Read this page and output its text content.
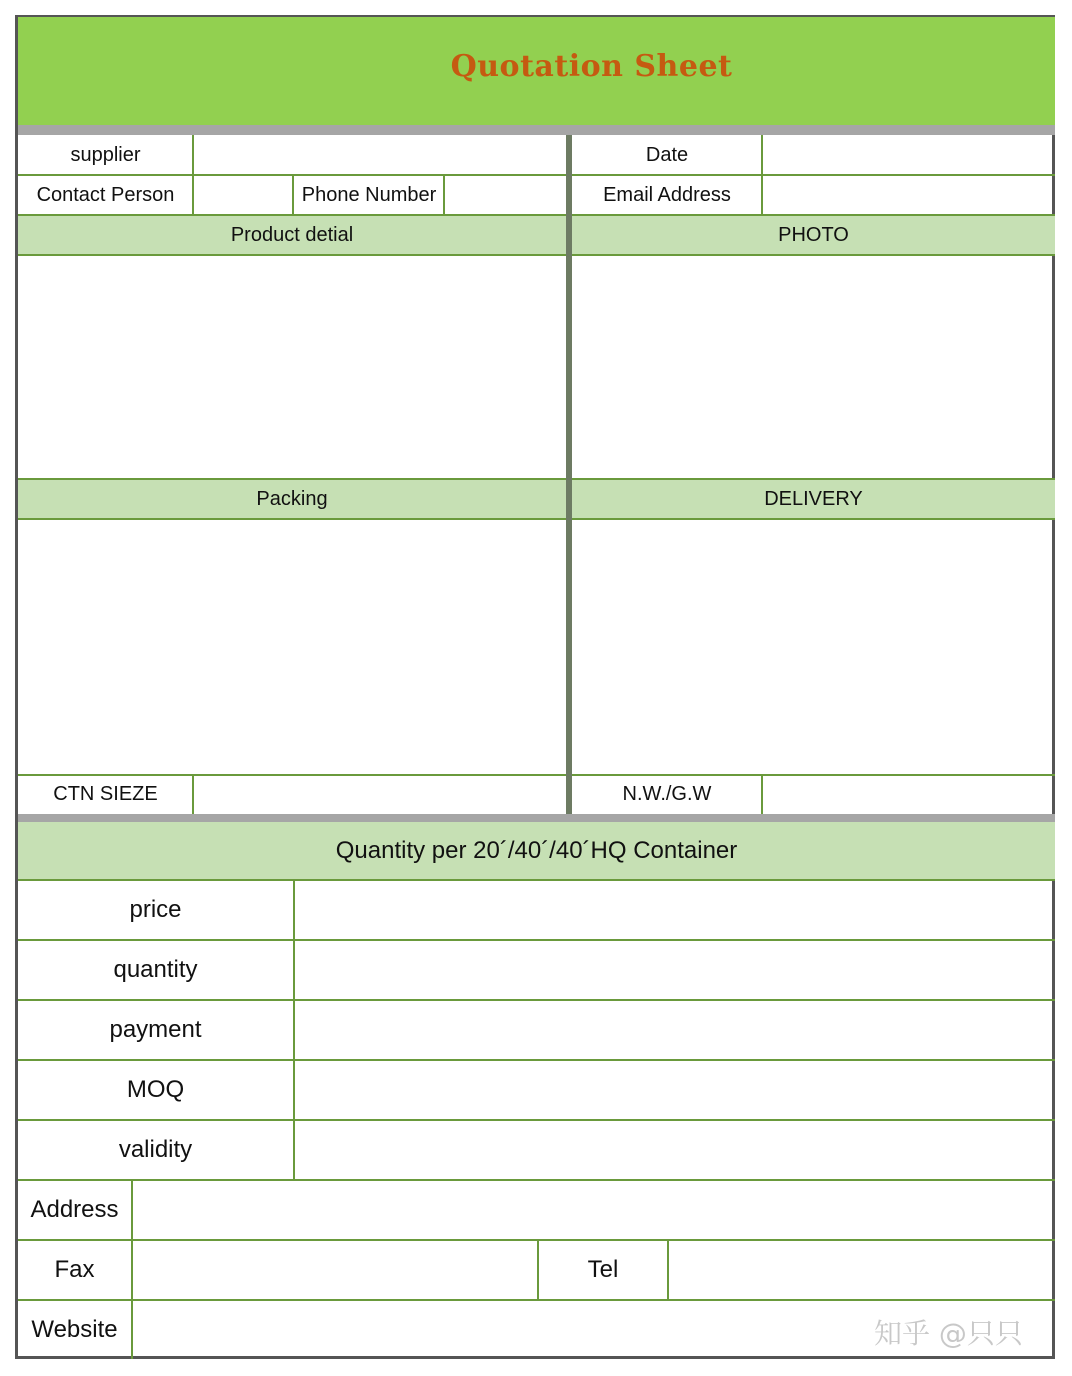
Quotation Sheet
supplier	Date
Contact Person	Phone Number	Email Address
Product detial	PHOTO
Packing	DELIVERY
CTN SIEZE	N.W./G.W
Quantity per 20´/40´/40´HQ Container
price
quantity
payment
MOQ
validity
Address
Fax	Tel
Website	知乎 @只只
